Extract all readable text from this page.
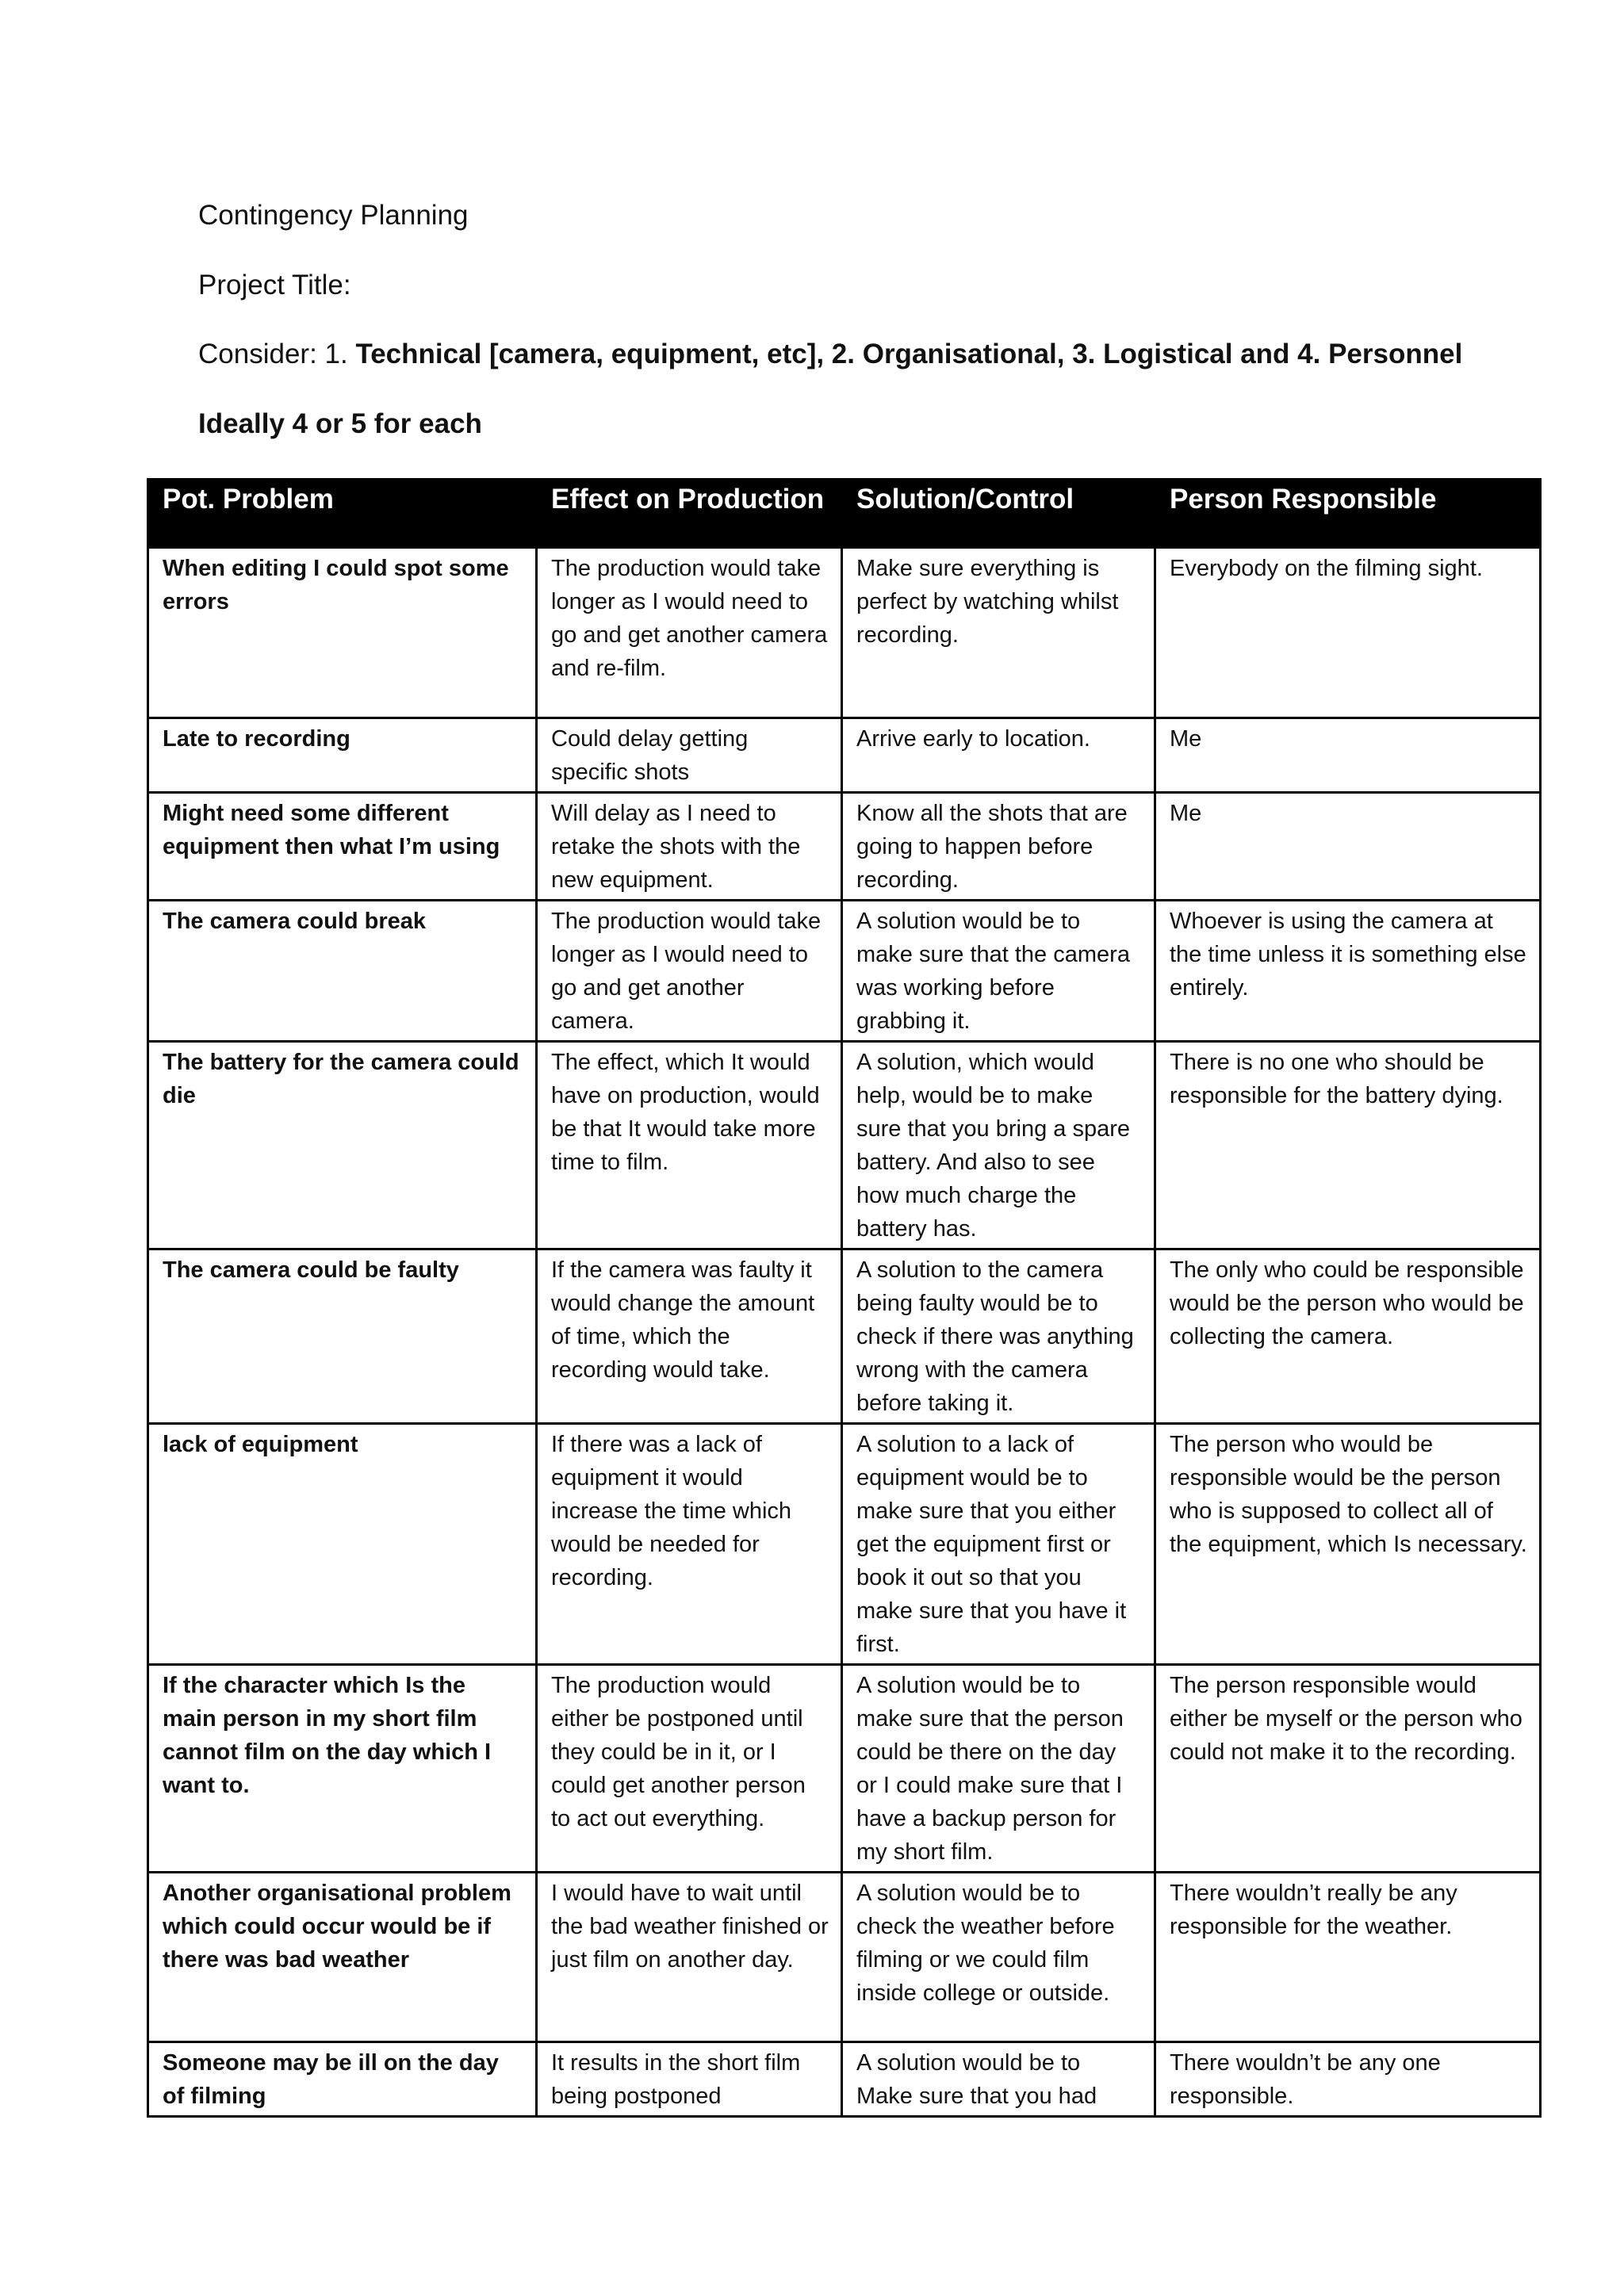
Contingency Planning
Project Title:
Consider: 1. Technical [camera, equipment, etc], 2. Organisational, 3. Logistical and 4. Personnel
Ideally 4 or 5 for each
Pot. Problem	Effect on Production	Solution/Control	Person Responsible
When editing I could spot some errors	The production would take longer as I would need to go and get another camera and re-film.	Make sure everything is perfect by watching whilst recording.	Everybody on the filming sight.
Late to recording	Could delay getting specific shots	Arrive early to location.	Me
Might need some different equipment then what I’m using	Will delay as I need to retake the shots with the new equipment.	Know all the shots that are going to happen before recording.	Me
The camera could break	The production would take longer as I would need to go and get another camera.	A solution would be to make sure that the camera was working before grabbing it.	Whoever is using the camera at the time unless it is something else entirely.
The battery for the camera could die	The effect, which It would have on production, would be that It would take more time to film.	A solution, which would help, would be to make sure that you bring a spare battery. And also to see how much charge the battery has.	There is no one who should be responsible for the battery dying.
The camera could be faulty	If the camera was faulty it would change the amount of time, which the recording would take.	A solution to the camera being faulty would be to check if there was anything wrong with the camera before taking it.	The only who could be responsible would be the person who would be collecting the camera.
lack of equipment	If there was a lack of equipment it would increase the time which would be needed for recording.	A solution to a lack of equipment would be to make sure that you either get the equipment first or book it out so that you make sure that you have it first.	The person who would be responsible would be the person who is supposed to collect all of the equipment, which Is necessary.
If the character which Is the main person in my short film cannot film on the day which I want to.	The production would either be postponed until they could be in it, or I could get another person to act out everything.	A solution would be to make sure that the person could be there on the day or I could make sure that I have a backup person for my short film.	The person responsible would either be myself or the person who could not make it to the recording.
Another organisational problem which could occur would be if there was bad weather	I would have to wait until the bad weather finished or just film on another day.	A solution would be to check the weather before filming or we could film inside college or outside.	There wouldn’t really be any responsible for the weather.
Someone may be ill on the day of filming	It results in the short film being postponed	A solution would be to Make sure that you had	There wouldn’t be any one responsible.
